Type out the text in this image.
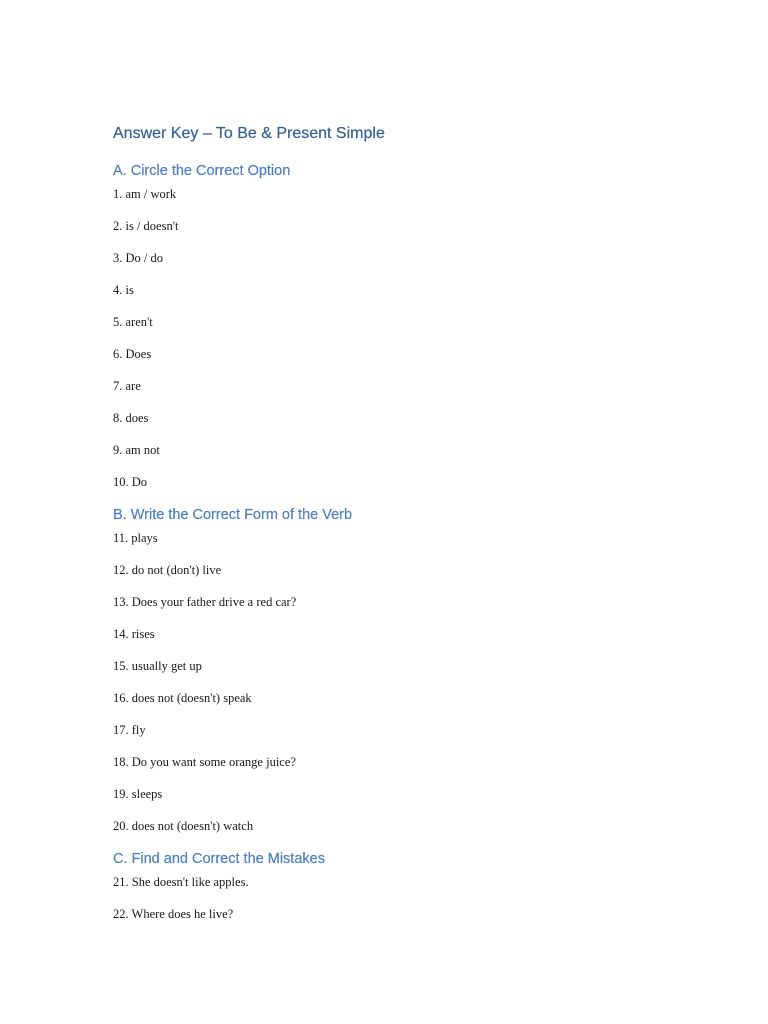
Answer Key – To Be & Present Simple
A. Circle the Correct Option
1. am / work
2. is / doesn't
3. Do / do
4. is
5. aren't
6. Does
7. are
8. does
9. am not
10. Do
B. Write the Correct Form of the Verb
11. plays
12. do not (don't) live
13. Does your father drive a red car?
14. rises
15. usually get up
16. does not (doesn't) speak
17. fly
18. Do you want some orange juice?
19. sleeps
20. does not (doesn't) watch
C. Find and Correct the Mistakes
21. She doesn't like apples.
22. Where does he live?
